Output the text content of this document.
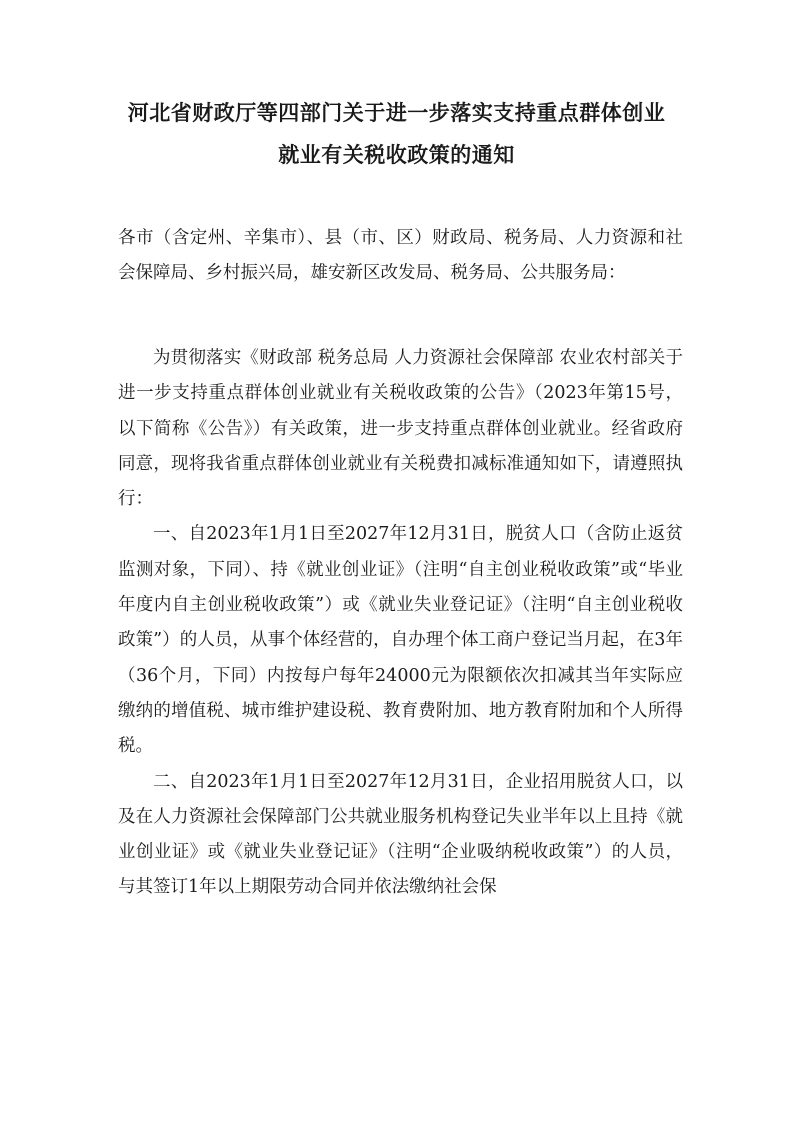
河北省财政厅等四部门关于进一步落实支持重点群体创业
就业有关税收政策的通知

各市（含定州、辛集市）、县（市、区）财政局、税务局、人力资源和社会保障局、乡村振兴局，雄安新区改发局、税务局、公共服务局：

为贯彻落实《财政部 税务总局 人力资源社会保障部 农业农村部关于进一步支持重点群体创业就业有关税收政策的公告》（2023年第15号，以下简称《公告》）有关政策，进一步支持重点群体创业就业。经省政府同意，现将我省重点群体创业就业有关税费扣减标准通知如下，请遵照执行：

一、自2023年1月1日至2027年12月31日，脱贫人口（含防止返贫监测对象，下同）、持《就业创业证》（注明“自主创业税收政策”或“毕业年度内自主创业税收政策”）或《就业失业登记证》（注明“自主创业税收政策”）的人员，从事个体经营的，自办理个体工商户登记当月起，在3年（36个月，下同）内按每户每年24000元为限额依次扣减其当年实际应缴纳的增值税、城市维护建设税、教育费附加、地方教育附加和个人所得税。

二、自2023年1月1日至2027年12月31日，企业招用脱贫人口，以及在人力资源社会保障部门公共就业服务机构登记失业半年以上且持《就业创业证》或《就业失业登记证》（注明“企业吸纳税收政策”）的人员，与其签订1年以上期限劳动合同并依法缴纳社会保
